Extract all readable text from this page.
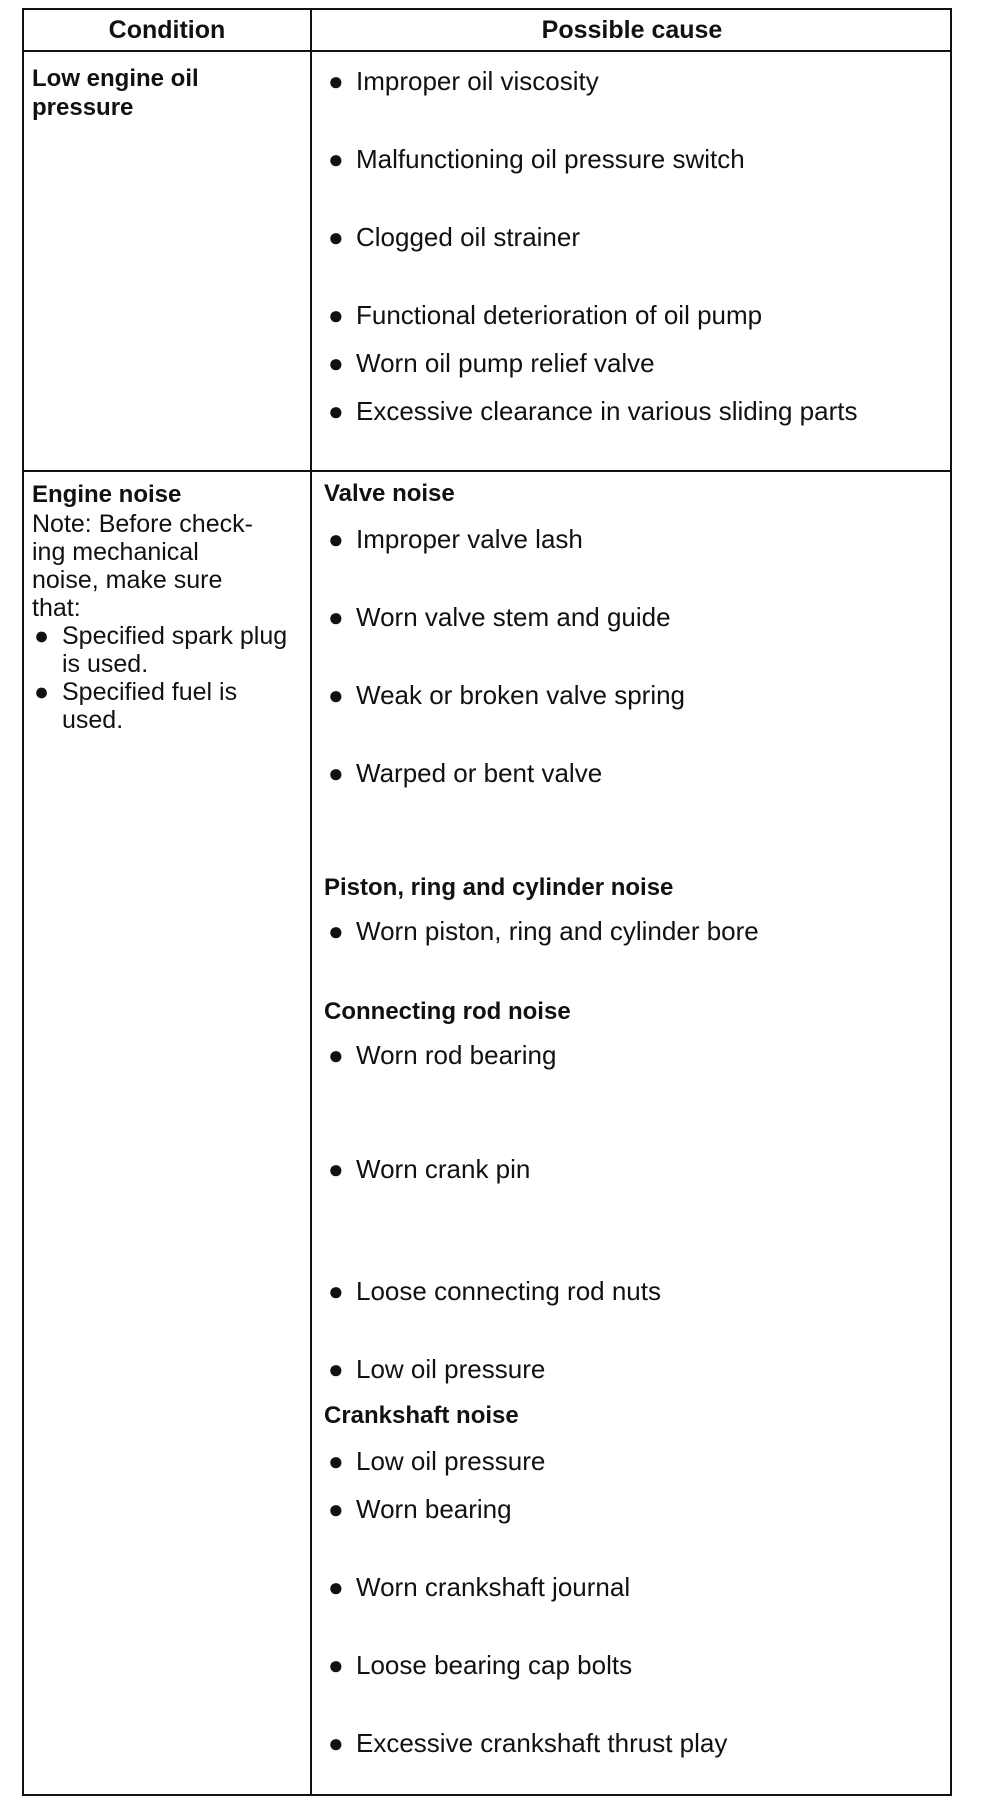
Condition	Possible cause
Low engine oil pressure
● Improper oil viscosity
● Malfunctioning oil pressure switch
● Clogged oil strainer
● Functional deterioration of oil pump
● Worn oil pump relief valve
● Excessive clearance in various sliding parts
Engine noise
Note: Before check-
ing mechanical
noise, make sure
that:
● Specified spark plug is used.
● Specified fuel is used.
Valve noise
● Improper valve lash
● Worn valve stem and guide
● Weak or broken valve spring
● Warped or bent valve
Piston, ring and cylinder noise
● Worn piston, ring and cylinder bore
Connecting rod noise
● Worn rod bearing
● Worn crank pin
● Loose connecting rod nuts
● Low oil pressure
Crankshaft noise
● Low oil pressure
● Worn bearing
● Worn crankshaft journal
● Loose bearing cap bolts
● Excessive crankshaft thrust play
